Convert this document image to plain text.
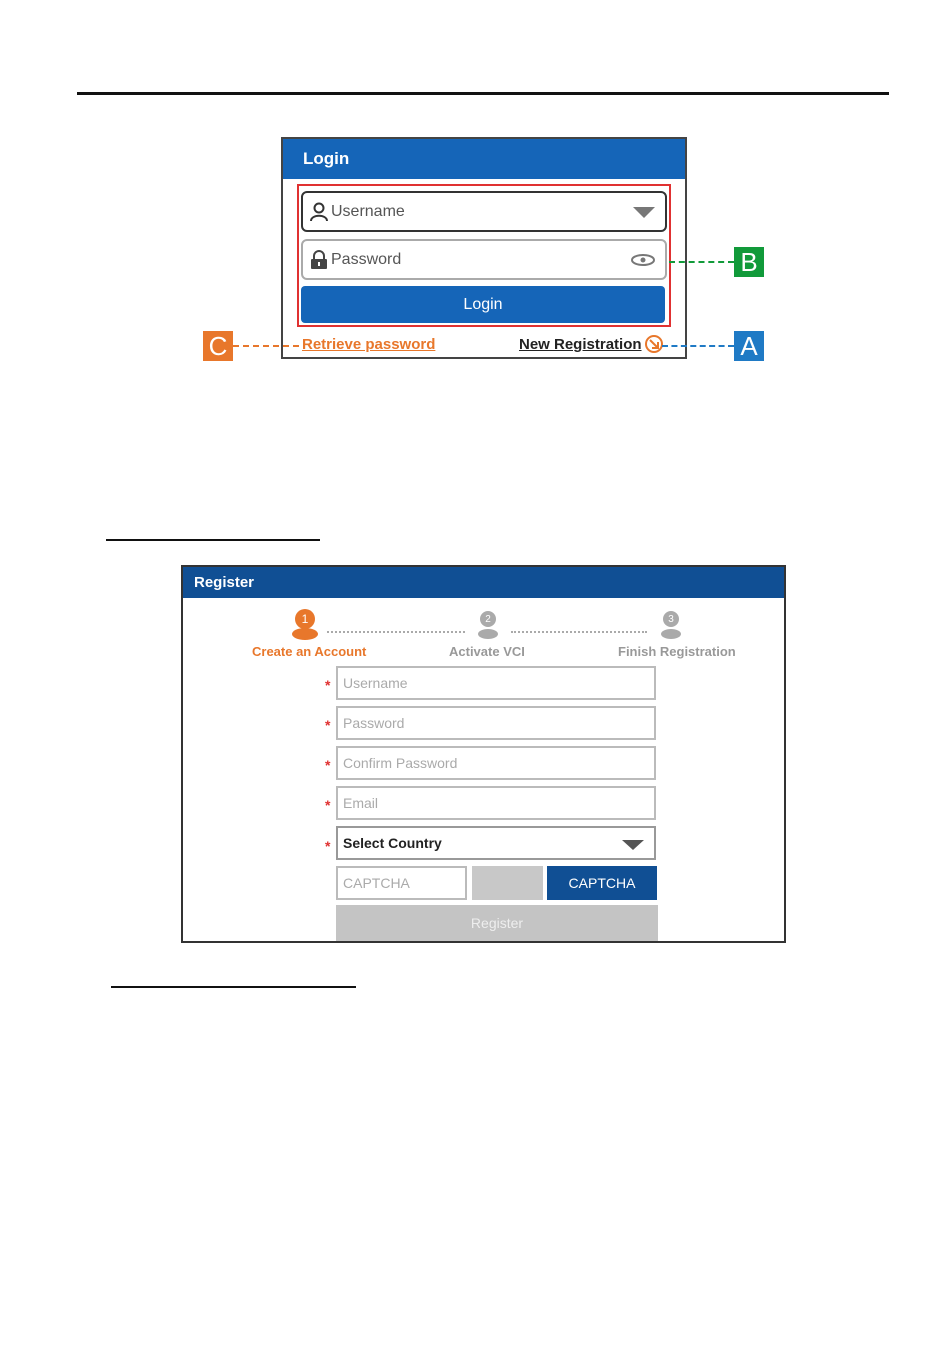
Login
Username
Password
Login
Retrieve password	New Registration
B
A
C
Register
1	2	3
Create an Account	Activate VCI	Finish Registration
* Username
* Password
* Confirm Password
* Email
* Select Country
CAPTCHA	CAPTCHA
Register
